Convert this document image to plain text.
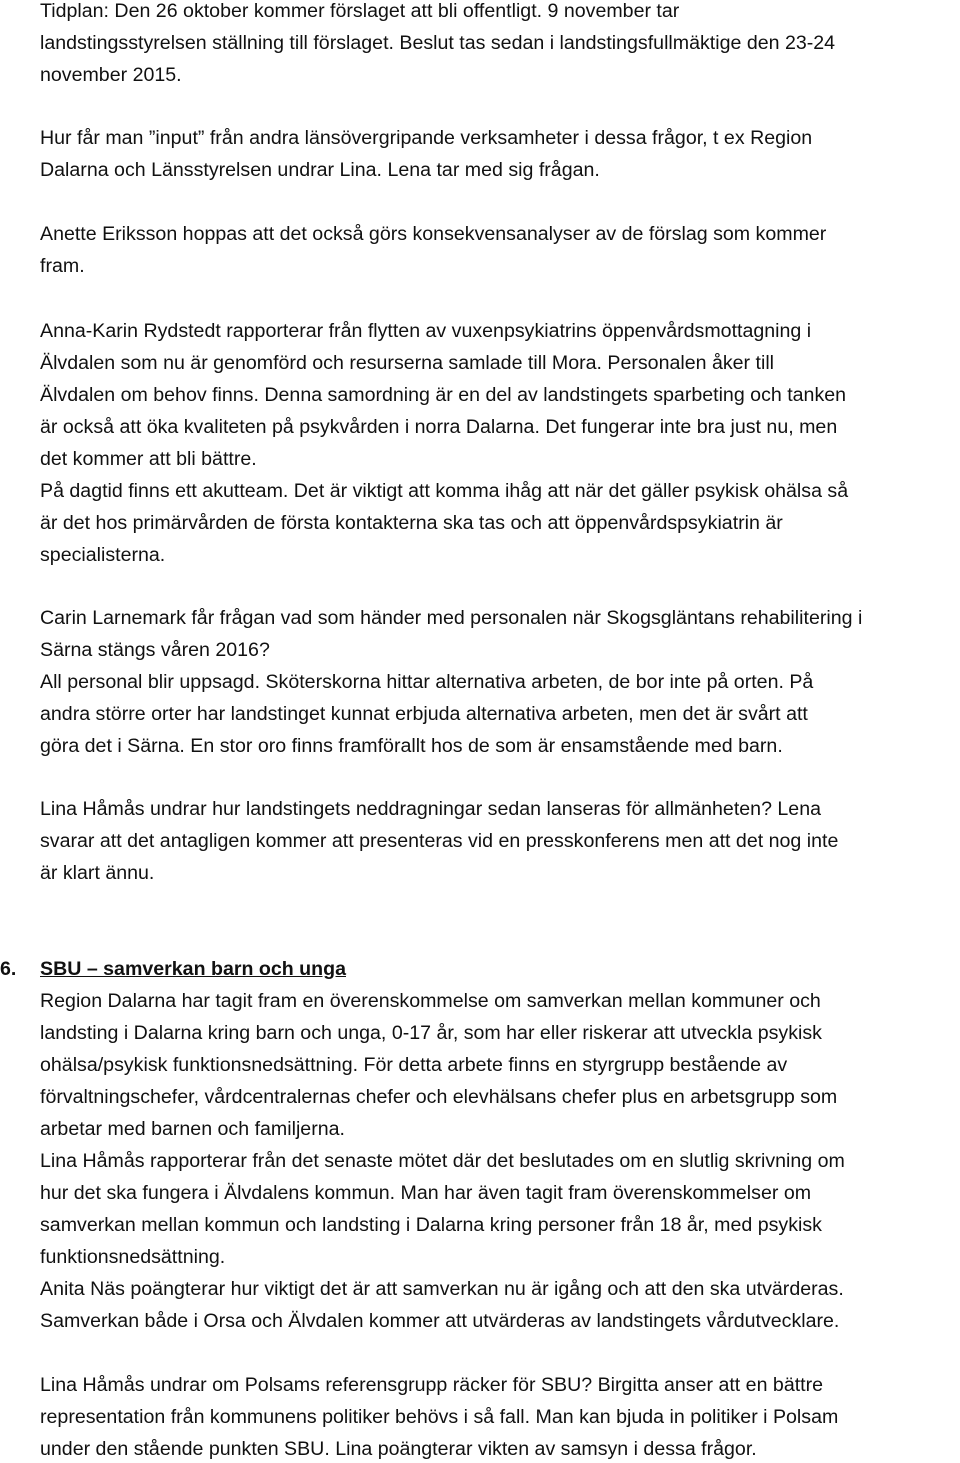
Tidplan: Den 26 oktober kommer förslaget att bli offentligt. 9 november tar
landstingsstyrelsen ställning till förslaget. Beslut tas sedan i landstingsfullmäktige den 23-24
november 2015.
Hur får man ”input” från andra länsövergripande verksamheter i dessa frågor, t ex Region
Dalarna och Länsstyrelsen undrar Lina. Lena tar med sig frågan.
Anette Eriksson hoppas att det också görs konsekvensanalyser av de förslag som kommer
fram.
Anna-Karin Rydstedt rapporterar från flytten av vuxenpsykiatrins öppenvårdsmottagning i
Älvdalen som nu är genomförd och resurserna samlade till Mora. Personalen åker till
Älvdalen om behov finns. Denna samordning är en del av landstingets sparbeting och tanken
är också att öka kvaliteten på psykvården i norra Dalarna. Det fungerar inte bra just nu, men
det kommer att bli bättre.
På dagtid finns ett akutteam. Det är viktigt att komma ihåg att när det gäller psykisk ohälsa så
är det hos primärvården de första kontakterna ska tas och att öppenvårdspsykiatrin är
specialisterna.
Carin Larnemark får frågan vad som händer med personalen när Skogsgläntans rehabilitering i
Särna stängs våren 2016?
All personal blir uppsagd. Sköterskorna hittar alternativa arbeten, de bor inte på orten. På
andra större orter har landstinget kunnat erbjuda alternativa arbeten, men det är svårt att
göra det i Särna. En stor oro finns framförallt hos de som är ensamstående med barn.
Lina Håmås undrar hur landstingets neddragningar sedan lanseras för allmänheten? Lena
svarar att det antagligen kommer att presenteras vid en presskonferens men att det nog inte
är klart ännu.
6. SBU – samverkan barn och unga
Region Dalarna har tagit fram en överenskommelse om samverkan mellan kommuner och
landsting i Dalarna kring barn och unga, 0-17 år, som har eller riskerar att utveckla psykisk
ohälsa/psykisk funktionsnedsättning. För detta arbete finns en styrgrupp bestående av
förvaltningschefer, vårdcentralernas chefer och elevhälsans chefer plus en arbetsgrupp som
arbetar med barnen och familjerna.
Lina Håmås rapporterar från det senaste mötet där det beslutades om en slutlig skrivning om
hur det ska fungera i Älvdalens kommun. Man har även tagit fram överenskommelser om
samverkan mellan kommun och landsting i Dalarna kring personer från 18 år, med psykisk
funktionsnedsättning.
Anita Näs poängterar hur viktigt det är att samverkan nu är igång och att den ska utvärderas.
Samverkan både i Orsa och Älvdalen kommer att utvärderas av landstingets vårdutvecklare.
Lina Håmås undrar om Polsams referensgrupp räcker för SBU? Birgitta anser att en bättre
representation från kommunens politiker behövs i så fall. Man kan bjuda in politiker i Polsam
under den stående punkten SBU. Lina poängterar vikten av samsyn i dessa frågor.
